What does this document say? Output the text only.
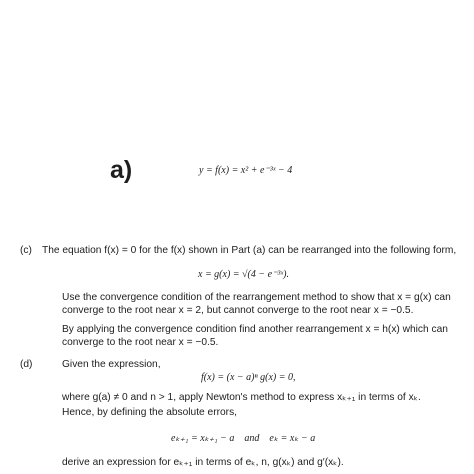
a)	y = f(x) = x² + e⁻³ˣ − 4
(c) The equation f(x) = 0 for the f(x) shown in Part (a) can be rearranged into the following form,

x = g(x) = √(4 − e⁻³ˣ).

Use the convergence condition of the rearrangement method to show that x = g(x) can converge to the root near x = 2, but cannot converge to the root near x = −0.5.

By applying the convergence condition find another rearrangement x = h(x) which can converge to the root near x = −0.5.

(d)	Given the expression,

f(x) = (x − a)ⁿ g(x) = 0,

where g(a) ≠ 0 and n > 1, apply Newton's method to express xₖ₊₁ in terms of xₖ.

Hence, by defining the absolute errors,

eₖ₊₁ = xₖ₊₁ − a    and    eₖ = xₖ − a

derive an expression for eₖ₊₁ in terms of eₖ, n, g(xₖ) and g′(xₖ).
